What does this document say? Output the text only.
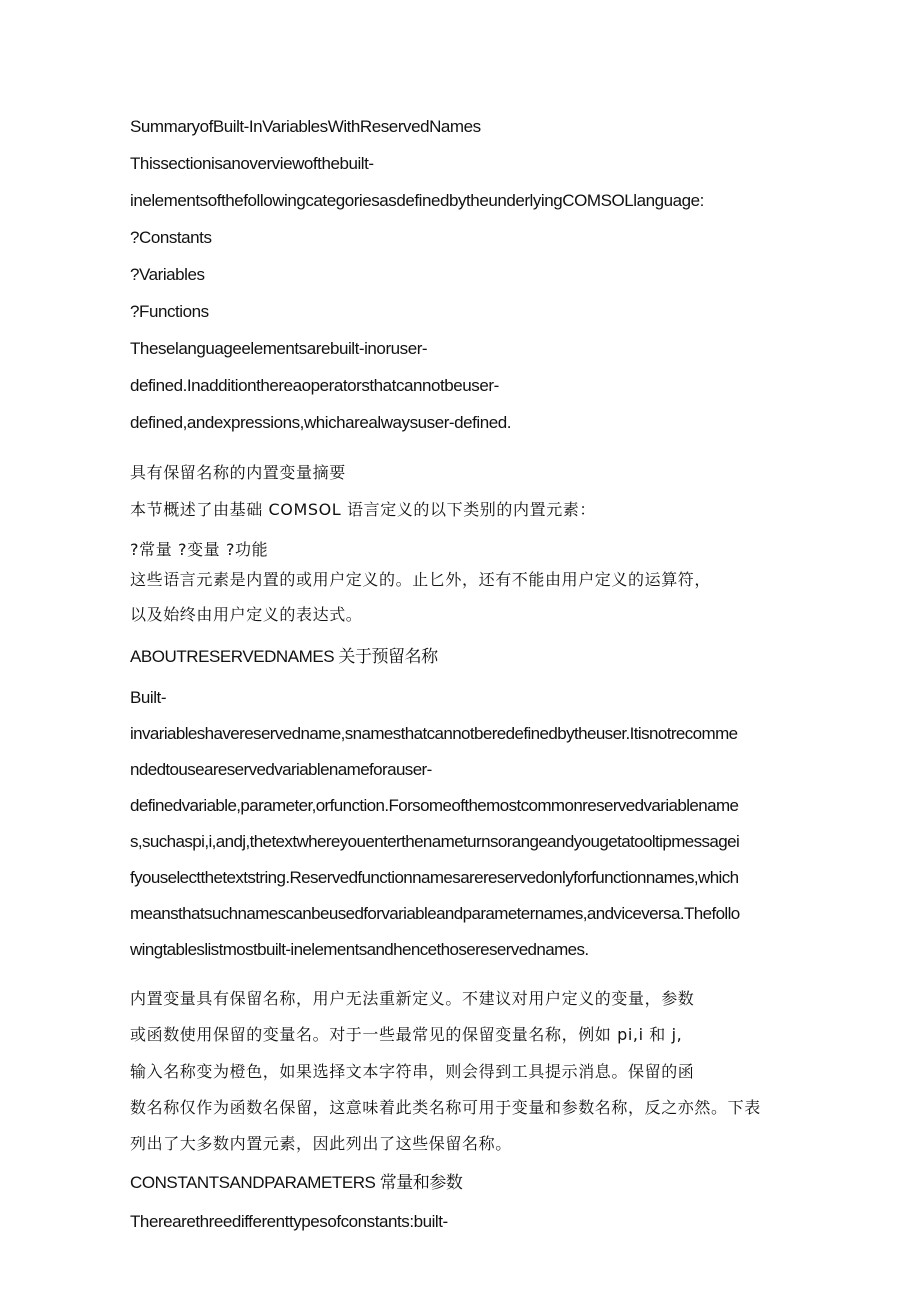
SummaryofBuilt-InVariablesWithReservedNames

Thissectionisanoverviewofthebuilt-

inelementsofthefollowingcategoriesasdefinedbytheunderlyingCOMSOLlanguage:

?Constants

?Variables

?Functions

Theselanguageelementsarebuilt-inoruser-

defined.Inadditionthereaoperatorsthatcannotbeuser-

defined,andexpressions,whicharealwaysuser-defined.

具有保留名称的内置变量摘要

本节概述了由基础 COMSOL 语言定义的以下类别的内置元素：

?常量 ?变量 ?功能

这些语言元素是内置的或用户定义的。止匕外，还有不能由用户定义的运算符，

以及始终由用户定义的表达式。

ABOUTRESERVEDNAMES 关于预留名称

Built-

invariableshavereservedname,snamesthatcannotberedefinedbytheuser.Itisnotrecomme

ndedtouseareservedvariablenameforauser-

definedvariable,parameter,orfunction.Forsomeofthemostcommonreservedvariablename

s,suchaspi,i,andj,thetextwhereyouenterthenameturnsorangeandyougetatooltipmessagei

fyouselectthetextstring.Reservedfunctionnamesarereservedonlyforfunctionnames,which

meansthatsuchnamescanbeusedforvariableandparameternames,andviceversa.Thefollo

wingtableslistmostbuilt-inelementsandhencethosereservednames.

内置变量具有保留名称，用户无法重新定义。不建议对用户定义的变量，参数

或函数使用保留的变量名。对于一些最常见的保留变量名称，例如 pi,i 和 j,

输入名称变为橙色，如果选择文本字符串，则会得到工具提示消息。保留的函

数名称仅作为函数名保留，这意味着此类名称可用于变量和参数名称，反之亦然。下表

列出了大多数内置元素，因此列出了这些保留名称。

CONSTANTSANDPARAMETERS 常量和参数

Therearethreedifferenttypesofconstants:built-
